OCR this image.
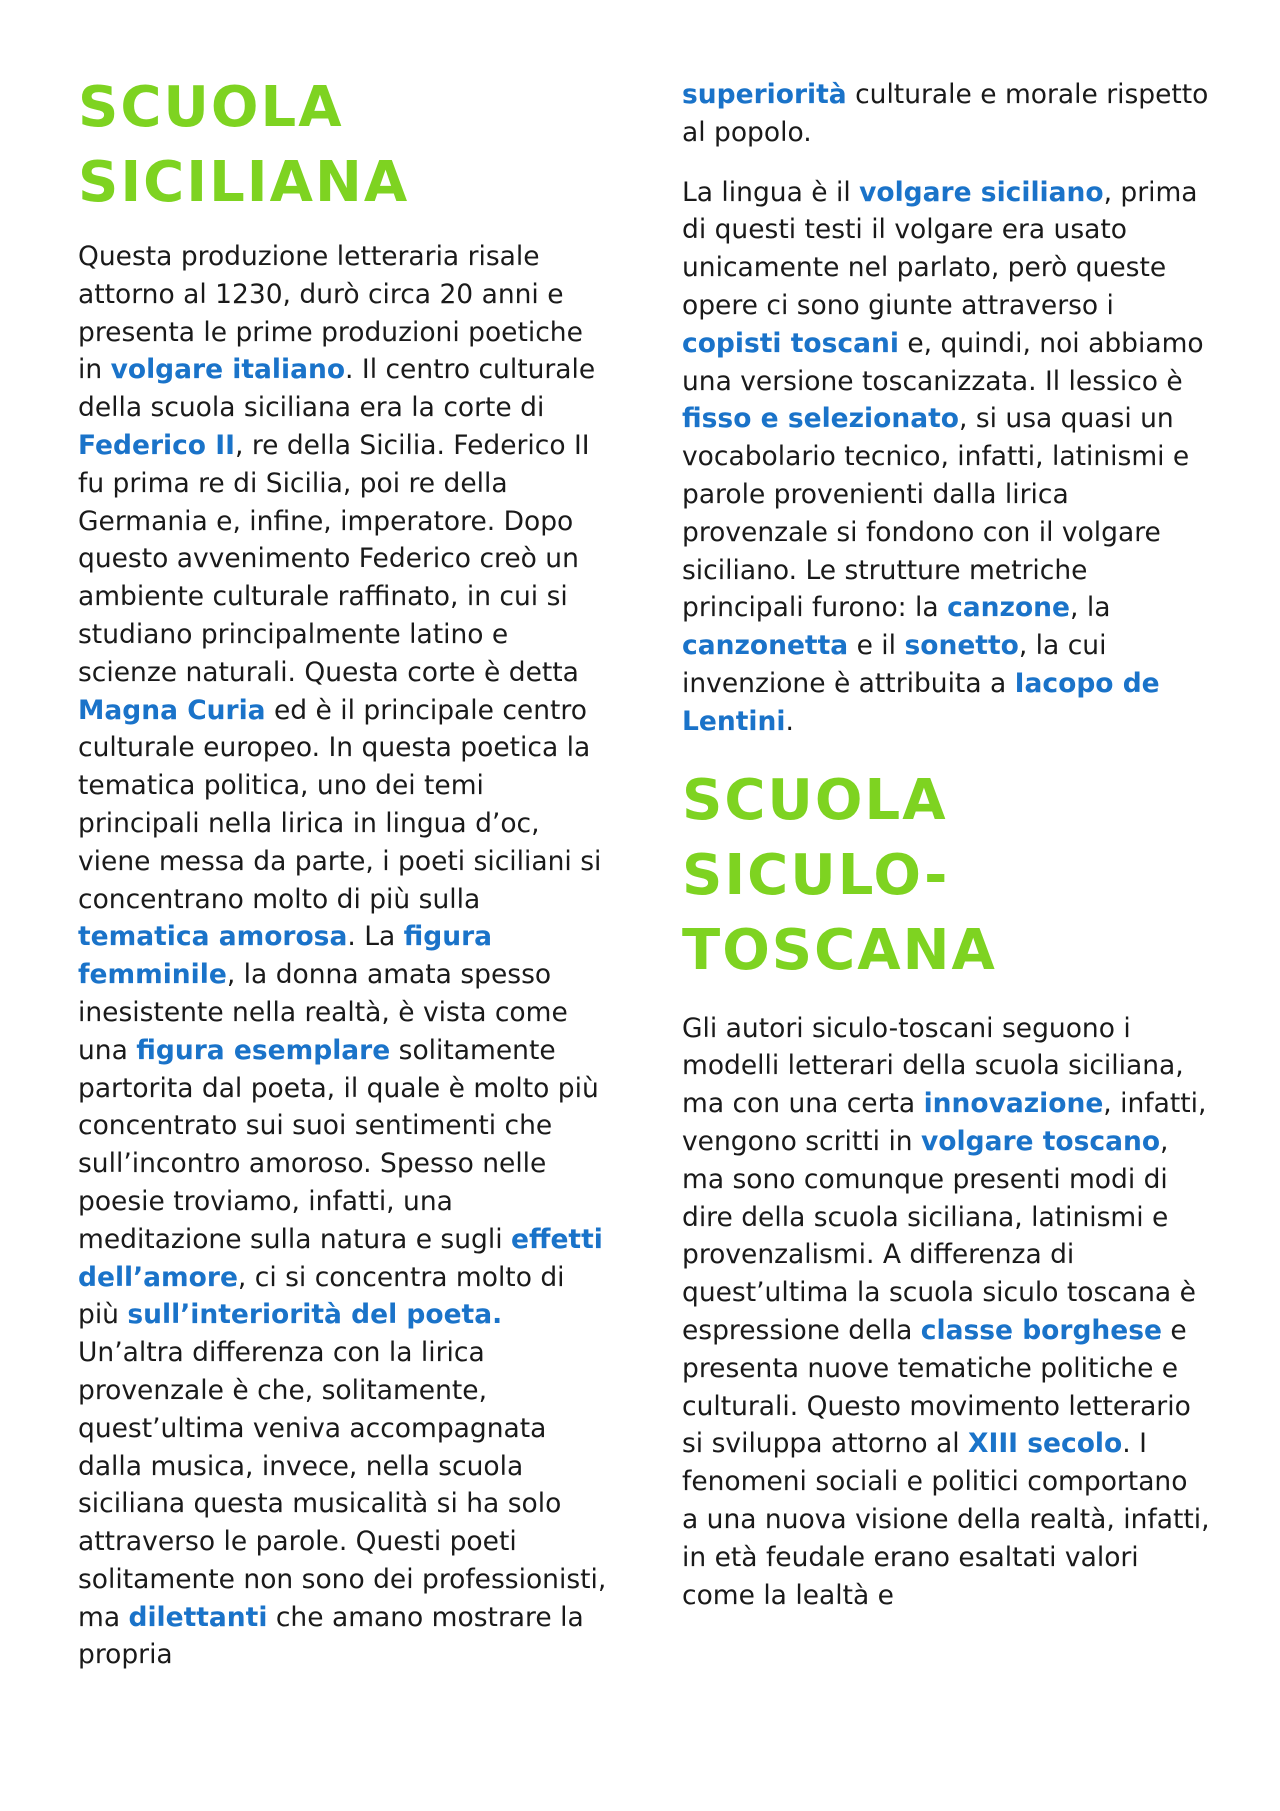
SCUOLA
SICILIANA

Questa produzione letteraria risale attorno al 1230, durò circa 20 anni e presenta le prime produzioni poetiche in volgare italiano. Il centro culturale della scuola siciliana era la corte di Federico II, re della Sicilia. Federico II fu prima re di Sicilia, poi re della Germania e, infine, imperatore. Dopo questo avvenimento Federico creò un ambiente culturale raffinato, in cui si studiano principalmente latino e scienze naturali. Questa corte è detta Magna Curia ed è il principale centro culturale europeo. In questa poetica la tematica politica, uno dei temi principali nella lirica in lingua d’oc, viene messa da parte, i poeti siciliani si concentrano molto di più sulla tematica amorosa. La figura femminile, la donna amata spesso inesistente nella realtà, è vista come una figura esemplare solitamente partorita dal poeta, il quale è molto più concentrato sui suoi sentimenti che sull’incontro amoroso. Spesso nelle poesie troviamo, infatti, una meditazione sulla natura e sugli effetti dell’amore, ci si concentra molto di più sull’interiorità del poeta. Un’altra differenza con la lirica provenzale è che, solitamente, quest’ultima veniva accompagnata dalla musica, invece, nella scuola siciliana questa musicalità si ha solo attraverso le parole. Questi poeti solitamente non sono dei professionisti, ma dilettanti che amano mostrare la propria

superiorità culturale e morale rispetto al popolo.

La lingua è il volgare siciliano, prima di questi testi il volgare era usato unicamente nel parlato, però queste opere ci sono giunte attraverso i copisti toscani e, quindi, noi abbiamo una versione toscanizzata. Il lessico è fisso e selezionato, si usa quasi un vocabolario tecnico, infatti, latinismi e parole provenienti dalla lirica provenzale si fondono con il volgare siciliano. Le strutture metriche principali furono: la canzone, la canzonetta e il sonetto, la cui invenzione è attribuita a Iacopo de Lentini.

SCUOLA
SICULO-
TOSCANA

Gli autori siculo-toscani seguono i modelli letterari della scuola siciliana, ma con una certa innovazione, infatti, vengono scritti in volgare toscano, ma sono comunque presenti modi di dire della scuola siciliana, latinismi e provenzalismi. A differenza di quest’ultima la scuola siculo toscana è espressione della classe borghese e presenta nuove tematiche politiche e culturali. Questo movimento letterario si sviluppa attorno al XIII secolo. I fenomeni sociali e politici comportano a una nuova visione della realtà, infatti, in età feudale erano esaltati valori come la lealtà e
